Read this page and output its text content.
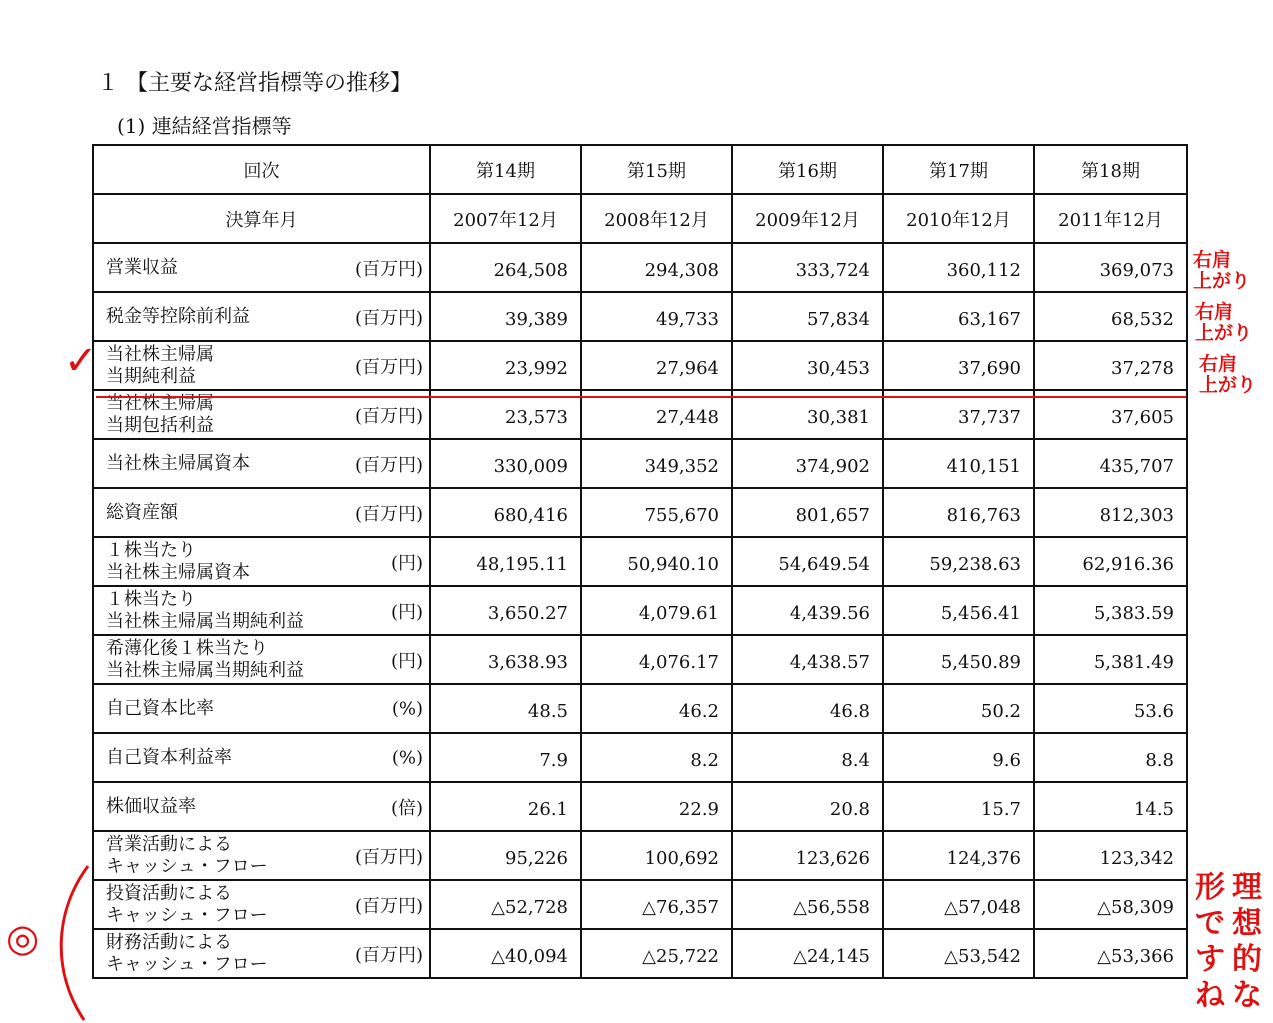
１ 【主要な経営指標等の推移】
(1) 連結経営指標等
回次	第14期	第15期	第16期	第17期	第18期
決算年月	2007年12月	2008年12月	2009年12月	2010年12月	2011年12月

営業収益 (百万円)	264,508	294,308	333,724	360,112	369,073

税金等控除前利益 (百万円)	39,389	49,733	57,834	63,167	68,532

当社株主帰属
当期純利益 (百万円)	23,992	27,964	30,453	37,690	37,278

当社株主帰属
当期包括利益 (百万円)	23,573	27,448	30,381	37,737	37,605

当社株主帰属資本 (百万円)	330,009	349,352	374,902	410,151	435,707

総資産額 (百万円)	680,416	755,670	801,657	816,763	812,303

１株当たり
当社株主帰属資本 (円)	48,195.11	50,940.10	54,649.54	59,238.63	62,916.36

１株当たり
当社株主帰属当期純利益 (円)	3,650.27	4,079.61	4,439.56	5,456.41	5,383.59

希薄化後１株当たり
当社株主帰属当期純利益 (円)	3,638.93	4,076.17	4,438.57	5,450.89	5,381.49

自己資本比率 (%)	48.5	46.2	46.8	50.2	53.6

自己資本利益率 (%)	7.9	8.2	8.4	9.6	8.8

株価収益率 (倍)	26.1	22.9	20.8	15.7	14.5

営業活動による
キャッシュ・フロー (百万円)	95,226	100,692	123,626	124,376	123,342

投資活動による
キャッシュ・フロー (百万円)	△52,728	△76,357	△56,558	△57,048	△58,309

財務活動による
キャッシュ・フロー (百万円)	△40,094	△25,722	△24,145	△53,542	△53,366
右肩
上がり
右肩
上がり
右肩
上がり
✓
◎
理
想
的
な
形
で
す
ね
